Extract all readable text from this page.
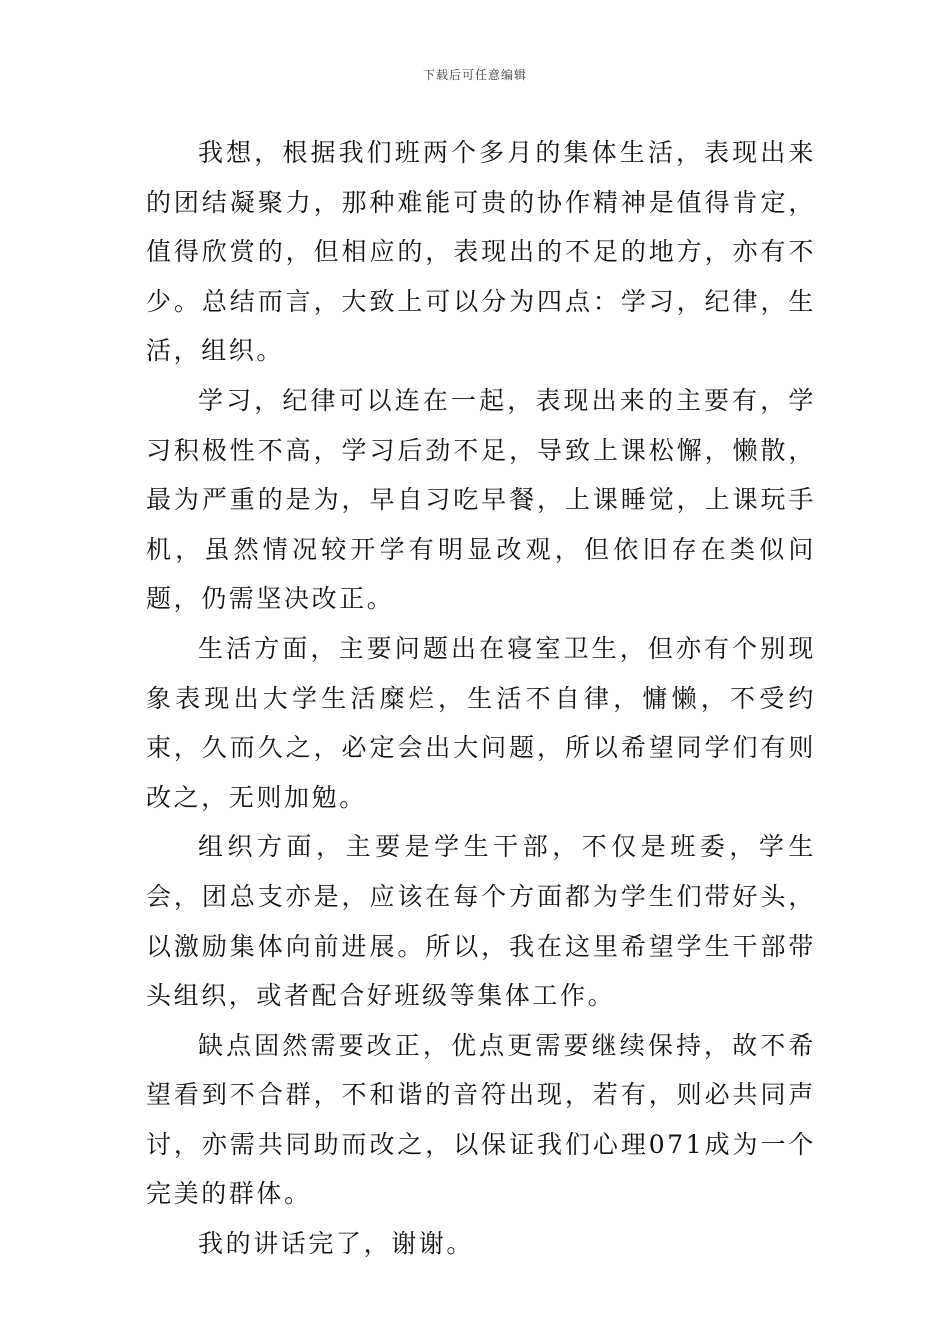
下载后可任意编辑

我想，根据我们班两个多月的集体生活，表现出来的团结凝聚力，那种难能可贵的协作精神是值得肯定，值得欣赏的，但相应的，表现出的不足的地方，亦有不少。总结而言，大致上可以分为四点：学习，纪律，生活，组织。

学习，纪律可以连在一起，表现出来的主要有，学习积极性不高，学习后劲不足，导致上课松懈，懒散，最为严重的是为，早自习吃早餐，上课睡觉，上课玩手机，虽然情况较开学有明显改观，但依旧存在类似问题，仍需坚决改正。

生活方面，主要问题出在寝室卫生，但亦有个别现象表现出大学生活糜烂，生活不自律，慵懒，不受约束，久而久之，必定会出大问题，所以希望同学们有则改之，无则加勉。

组织方面，主要是学生干部，不仅是班委，学生会，团总支亦是，应该在每个方面都为学生们带好头，以激励集体向前进展。所以，我在这里希望学生干部带头组织，或者配合好班级等集体工作。

缺点固然需要改正，优点更需要继续保持，故不希望看到不合群，不和谐的音符出现，若有，则必共同声讨，亦需共同助而改之，以保证我们心理071成为一个完美的群体。

我的讲话完了，谢谢。
